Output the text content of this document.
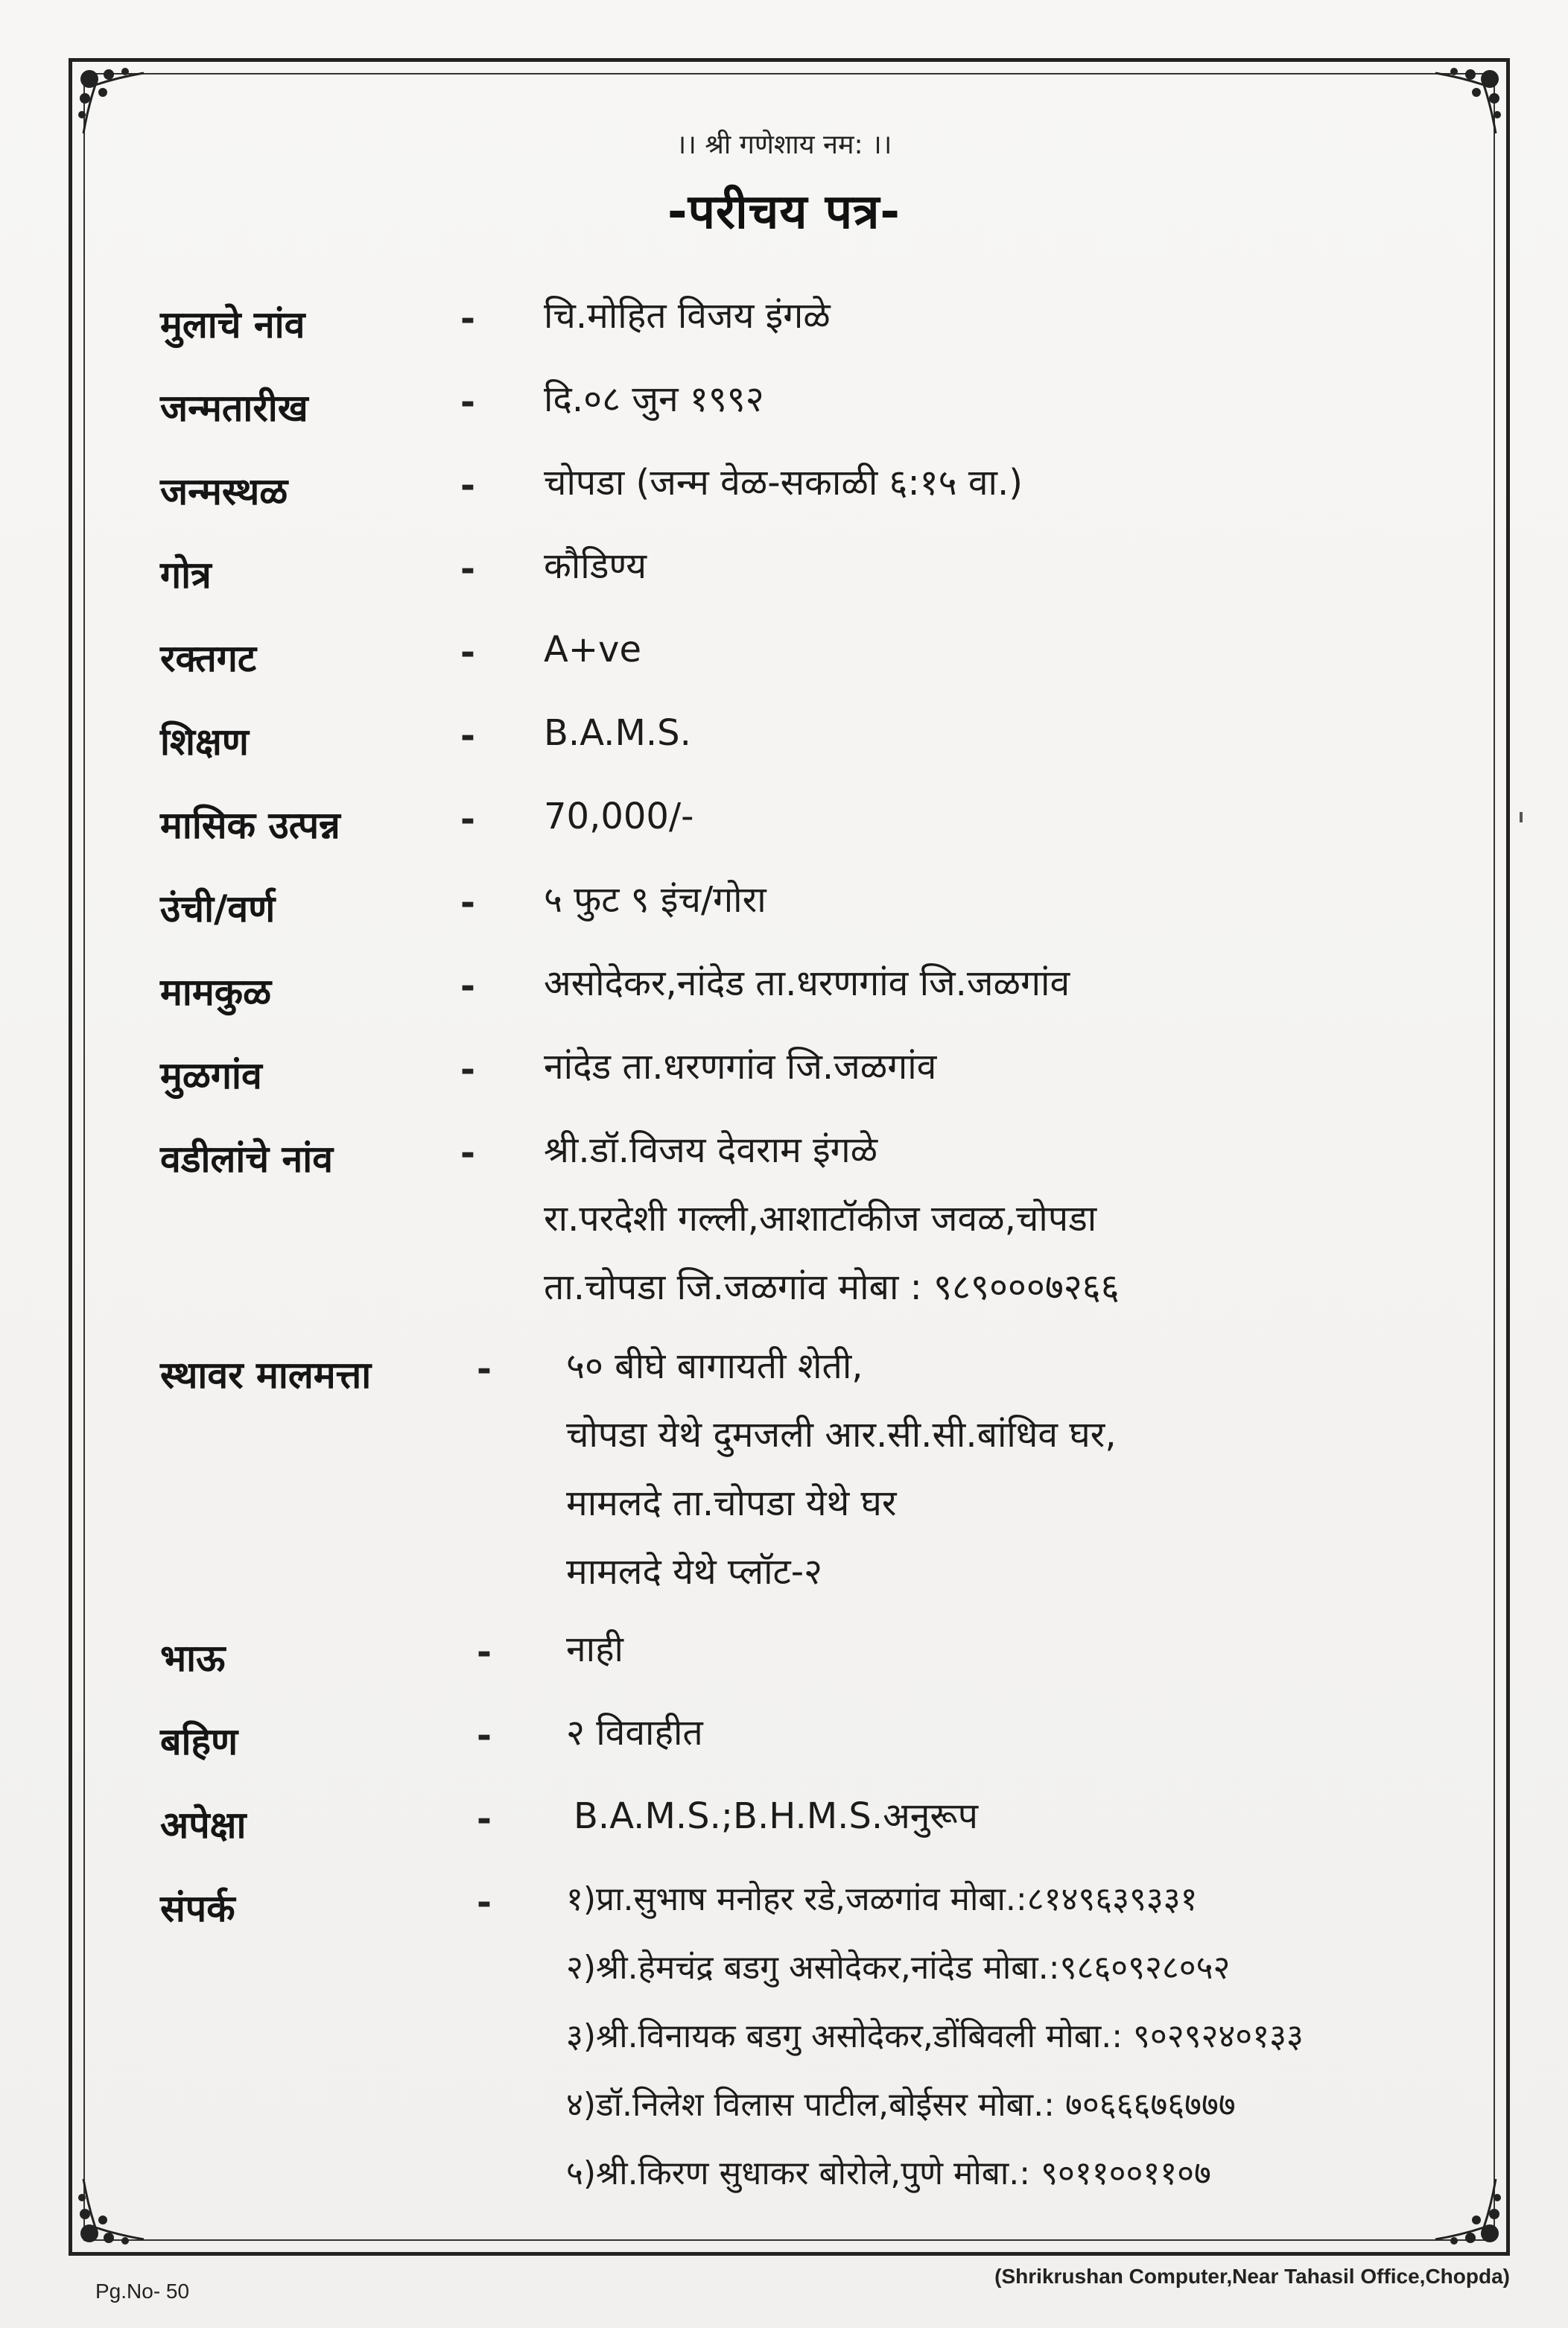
।। श्री गणेशाय नम: ।।
-परीचय पत्र-
मुलाचे नांव	- चि.मोहित विजय इंगळे
जन्मतारीख	- दि.०८ जुन १९९२
जन्मस्थळ	- चोपडा (जन्म वेळ-सकाळी ६:१५ वा.)
गोत्र	- कौडिण्य
रक्तगट	- A+ve
शिक्षण	- B.A.M.S.
मासिक उत्पन्न	- 70,000/-
उंची/वर्ण	- ५ फुट ९ इंच/गोरा
मामकुळ	- असोदेकर,नांदेड ता.धरणगांव जि.जळगांव
मुळगांव	- नांदेड ता.धरणगांव जि.जळगांव
वडीलांचे नांव	- श्री.डॉ.विजय देवराम इंगळे
रा.परदेशी गल्ली,आशाटॉकीज जवळ,चोपडा
ता.चोपडा जि.जळगांव मोबा : ९८९०००७२६६
स्थावर मालमत्ता	- ५० बीघे बागायती शेती,
चोपडा येथे दुमजली आर.सी.सी.बांधिव घर,
मामलदे ता.चोपडा येथे घर
मामलदे येथे प्लॉट-२
भाऊ	- नाही
बहिण	- २ विवाहीत
अपेक्षा	- B.A.M.S.;B.H.M.S.अनुरूप
संपर्क	- १)प्रा.सुभाष मनोहर रडे,जळगांव मोबा.:८१४९६३९३३१
२)श्री.हेमचंद्र बडगु असोदेकर,नांदेड मोबा.:९८६०९२८०५२
३)श्री.विनायक बडगु असोदेकर,डोंबिवली मोबा.: ९०२९२४०१३३
४)डॉ.निलेश विलास पाटील,बोईसर मोबा.: ७०६६६७६७७७
५)श्री.किरण सुधाकर बोरोले,पुणे मोबा.: ९०११००११०७
Pg.No- 50
(Shrikrushan Computer,Near Tahasil Office,Chopda)
